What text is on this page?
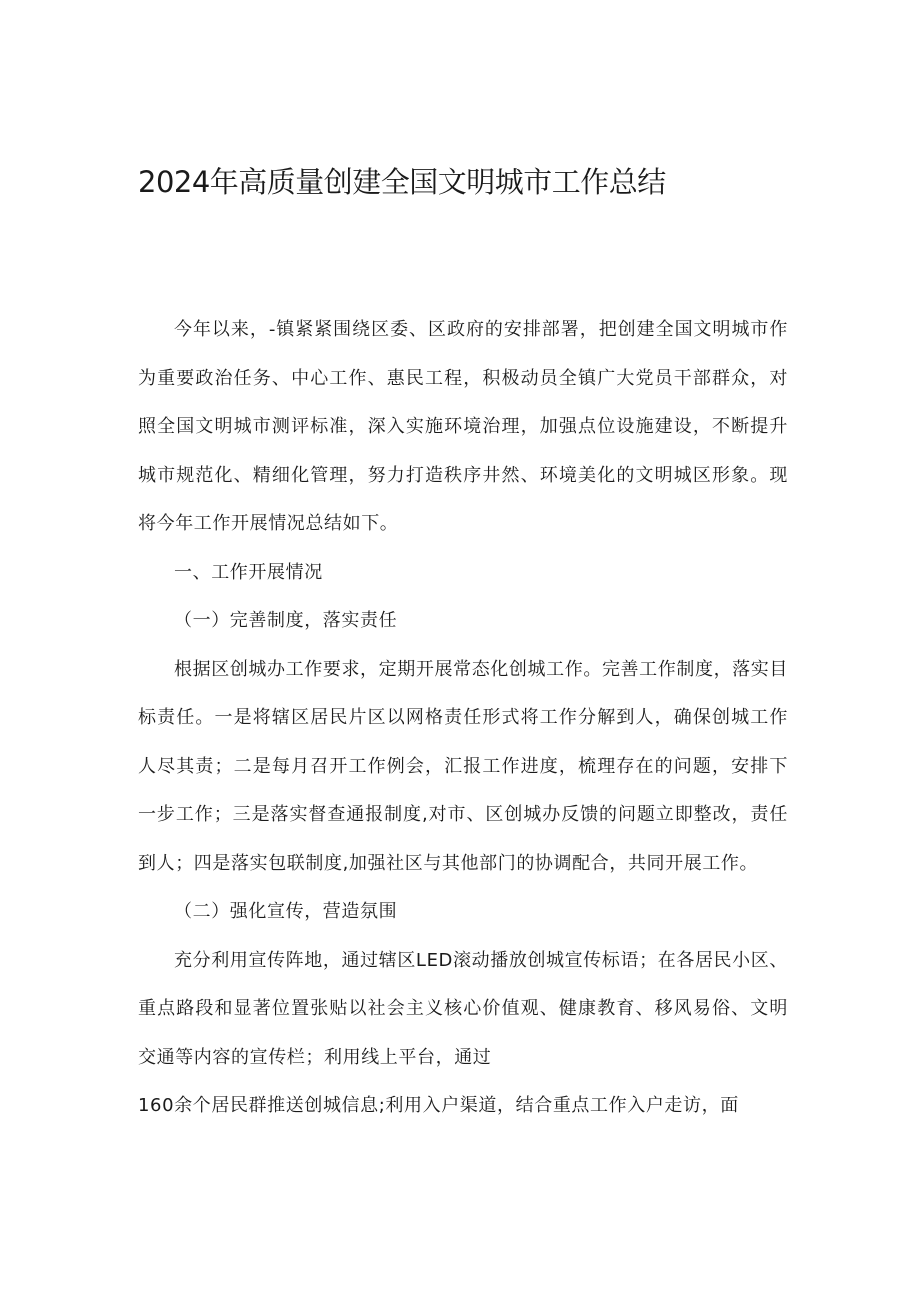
2024年高质量创建全国文明城市工作总结

今年以来，-镇紧紧围绕区委、区政府的安排部署，把创建全国文明城市作为重要政治任务、中心工作、惠民工程，积极动员全镇广大党员干部群众，对照全国文明城市测评标准，深入实施环境治理，加强点位设施建设，不断提升城市规范化、精细化管理，努力打造秩序井然、环境美化的文明城区形象。现将今年工作开展情况总结如下。

一、工作开展情况

（一）完善制度，落实责任

根据区创城办工作要求，定期开展常态化创城工作。完善工作制度，落实目标责任。一是将辖区居民片区以网格责任形式将工作分解到人，确保创城工作人尽其责；二是每月召开工作例会，汇报工作进度，梳理存在的问题，安排下一步工作；三是落实督查通报制度,对市、区创城办反馈的问题立即整改，责任到人；四是落实包联制度,加强社区与其他部门的协调配合，共同开展工作。

（二）强化宣传，营造氛围

充分利用宣传阵地，通过辖区LED滚动播放创城宣传标语；在各居民小区、重点路段和显著位置张贴以社会主义核心价值观、健康教育、移风易俗、文明交通等内容的宣传栏；利用线上平台，通过

160余个居民群推送创城信息;利用入户渠道，结合重点工作入户走访，面
